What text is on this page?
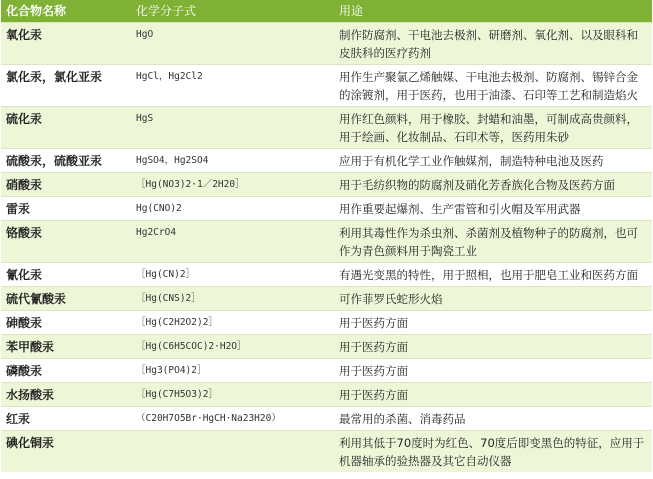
化合物名称	化学分子式	用途
氧化汞	HgO	制作防腐剂、干电池去极剂、研磨剂、氧化剂、以及眼科和皮肤科的医疗药剂
氯化汞，氯化亚汞	HgCl，Hg2Cl2	用作生产聚氯乙烯触媒、干电池去极剂、防腐剂、锡锌合金的涂镀剂，用于医药，也用于油漆、石印等工艺和制造焰火
硫化汞	HgS	用作红色颜料，用于橡胶、封蜡和油墨，可制成高贵颜料，用于绘画、化妆制品、石印术等，医药用朱砂
硫酸汞，硫酸亚汞	HgSO4，Hg2SO4	应用于有机化学工业作触媒剂，制造特种电池及医药
硝酸汞	［Hg(NO3)2·1／2H20］	用于毛纺织物的防腐剂及硝化芳香族化合物及医药方面
雷汞	Hg(CNO)2	用作重要起爆剂、生产雷管和引火帽及军用武器
铬酸汞	Hg2CrO4	利用其毒性作为杀虫剂、杀菌剂及植物种子的防腐剂，也可作为青色颜料用于陶瓷工业
氰化汞	［Hg(CN)2］	有遇光变黑的特性，用于照相，也用于肥皂工业和医药方面
硫代氰酸汞	［Hg(CNS)2］	可作菲罗氏蛇形火焰
砷酸汞	［Hg(C2H2O2)2］	用于医药方面
苯甲酸汞	［Hg(C6H5COC)2·H2O］	用于医药方面
磷酸汞	［Hg3(PO4)2］	用于医药方面
水扬酸汞	［Hg(C7H5O3)2］	用于医药方面
红汞	（C20H7O5Br·HgCH·Na23H20）	最常用的杀菌、消毒药品
碘化铜汞		利用其低于70度时为红色、70度后即变黑色的特征，应用于机器轴承的验热器及其它自动仪器
